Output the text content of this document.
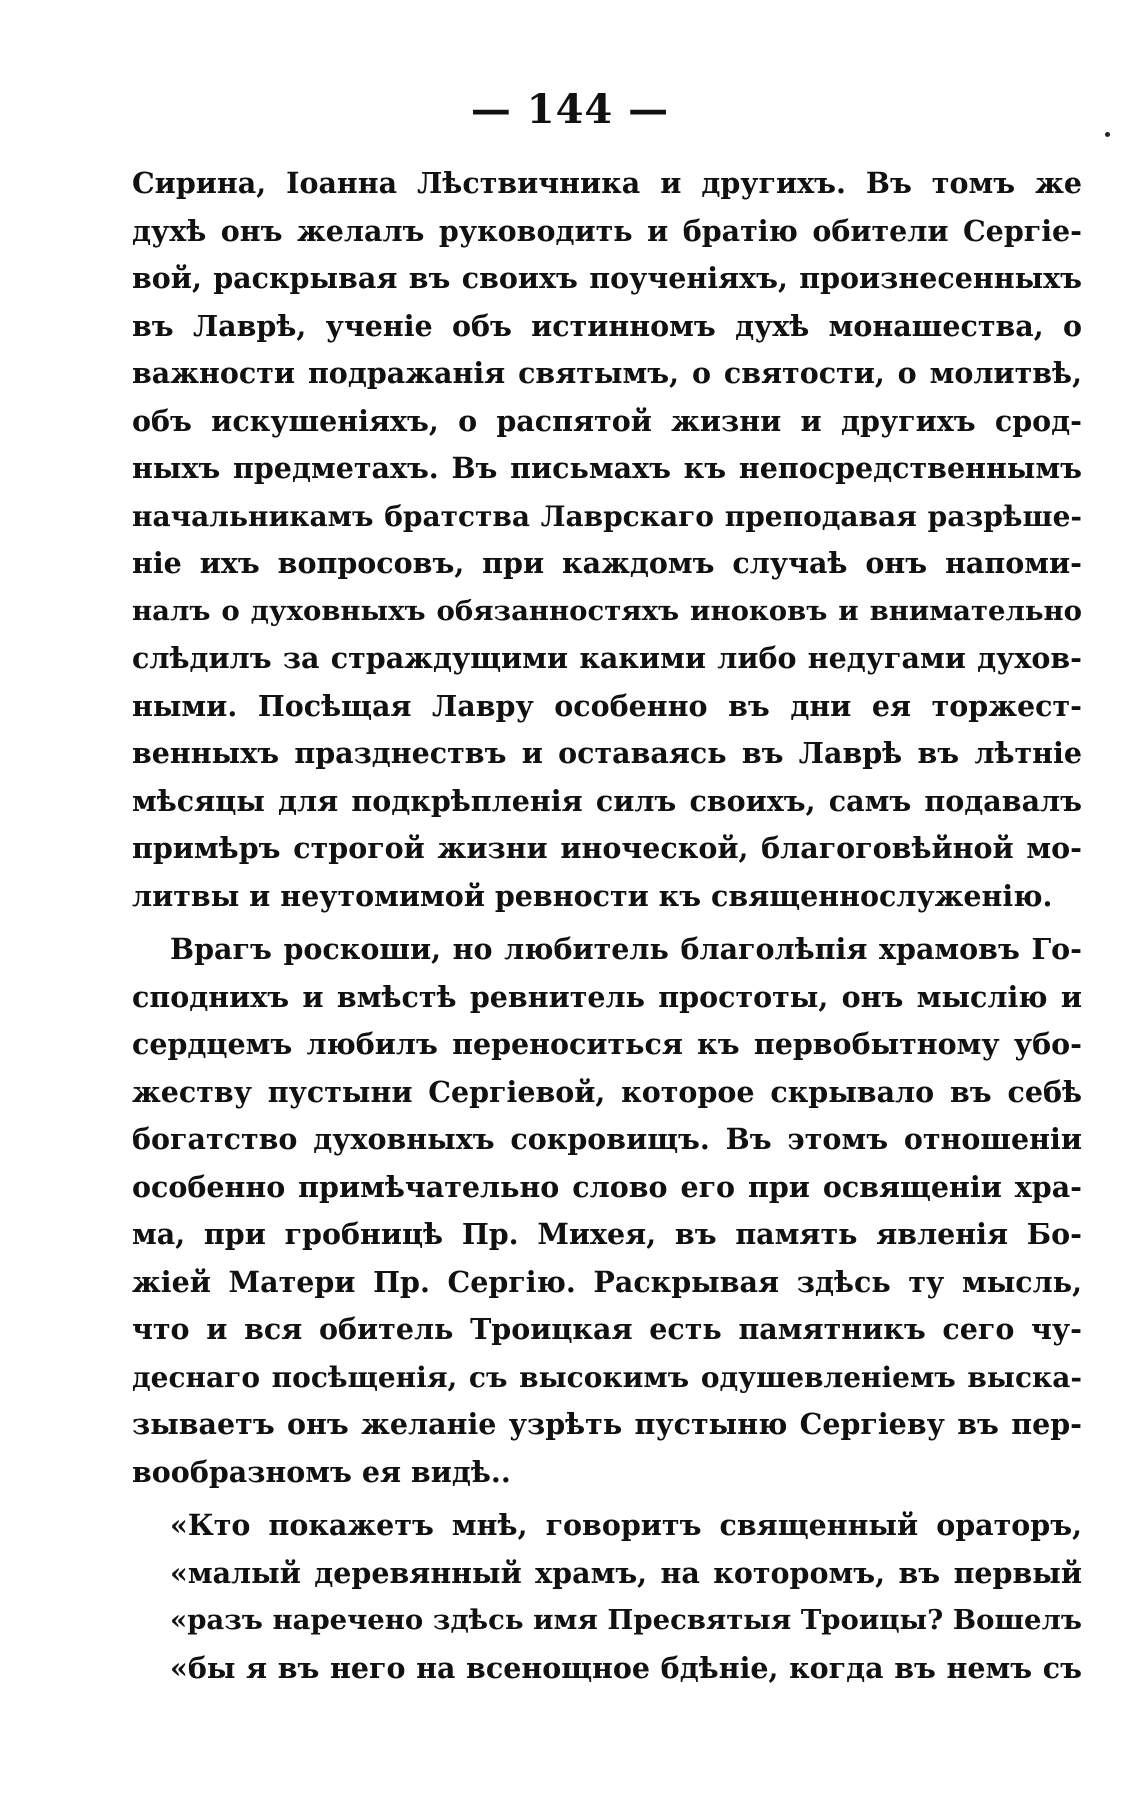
— 144 —
Сирина, Іоанна Лѣствичника и другихъ. Въ томъ же
духѣ онъ желалъ руководить и братію обители Сергіе-
вой, раскрывая въ своихъ поученіяхъ, произнесенныхъ
въ Лаврѣ, ученіе объ истинномъ духѣ монашества, о
важности подражанія святымъ, о святости, о молитвѣ,
объ искушеніяхъ, о распятой жизни и другихъ срод-
ныхъ предметахъ. Въ письмахъ къ непосредственнымъ
начальникамъ братства Лаврскаго преподавая разрѣше-
ніе ихъ вопросовъ, при каждомъ случаѣ онъ напоми-
налъ о духовныхъ обязанностяхъ иноковъ и внимательно
слѣдилъ за страждущими какими либо недугами духов-
ными. Посѣщая Лавру особенно въ дни ея торжест-
венныхъ празднествъ и оставаясь въ Лаврѣ въ лѣтніе
мѣсяцы для подкрѣпленія силъ своихъ, самъ подавалъ
примѣръ строгой жизни иноческой, благоговѣйной мо-
литвы и неутомимой ревности къ священнослуженію.
Врагъ роскоши, но любитель благолѣпія храмовъ Го-
сподниxъ и вмѣстѣ ревнитель простоты, онъ мыслію и
сердцемъ любилъ переноситься къ первобытному убо-
жеству пустыни Сергіевой, которое скрывало въ себѣ
богатство духовныхъ сокровищъ. Въ этомъ отношеніи
особенно примѣчательно слово его при освященіи хра-
ма, при гробницѣ Пр. Михея, въ память явленія Бо-
жіей Матери Пр. Сергію. Раскрывая здѣсь ту мысль,
что и вся обитель Троицкая есть памятникъ сего чу-
деснаго посѣщенія, съ высокимъ одушевленіемъ выска-
зываетъ онъ желаніе узрѣть пустыню Сергіеву въ пер-
вообразномъ ея видѣ..
«Кто покажетъ мнѣ, говоритъ священный ораторъ,
«малый деревянный храмъ, на которомъ, въ первый
«разъ наречено здѣсь имя Пресвятыя Троицы? Вошелъ
«бы я въ него на всенощное бдѣніе, когда въ немъ съ
